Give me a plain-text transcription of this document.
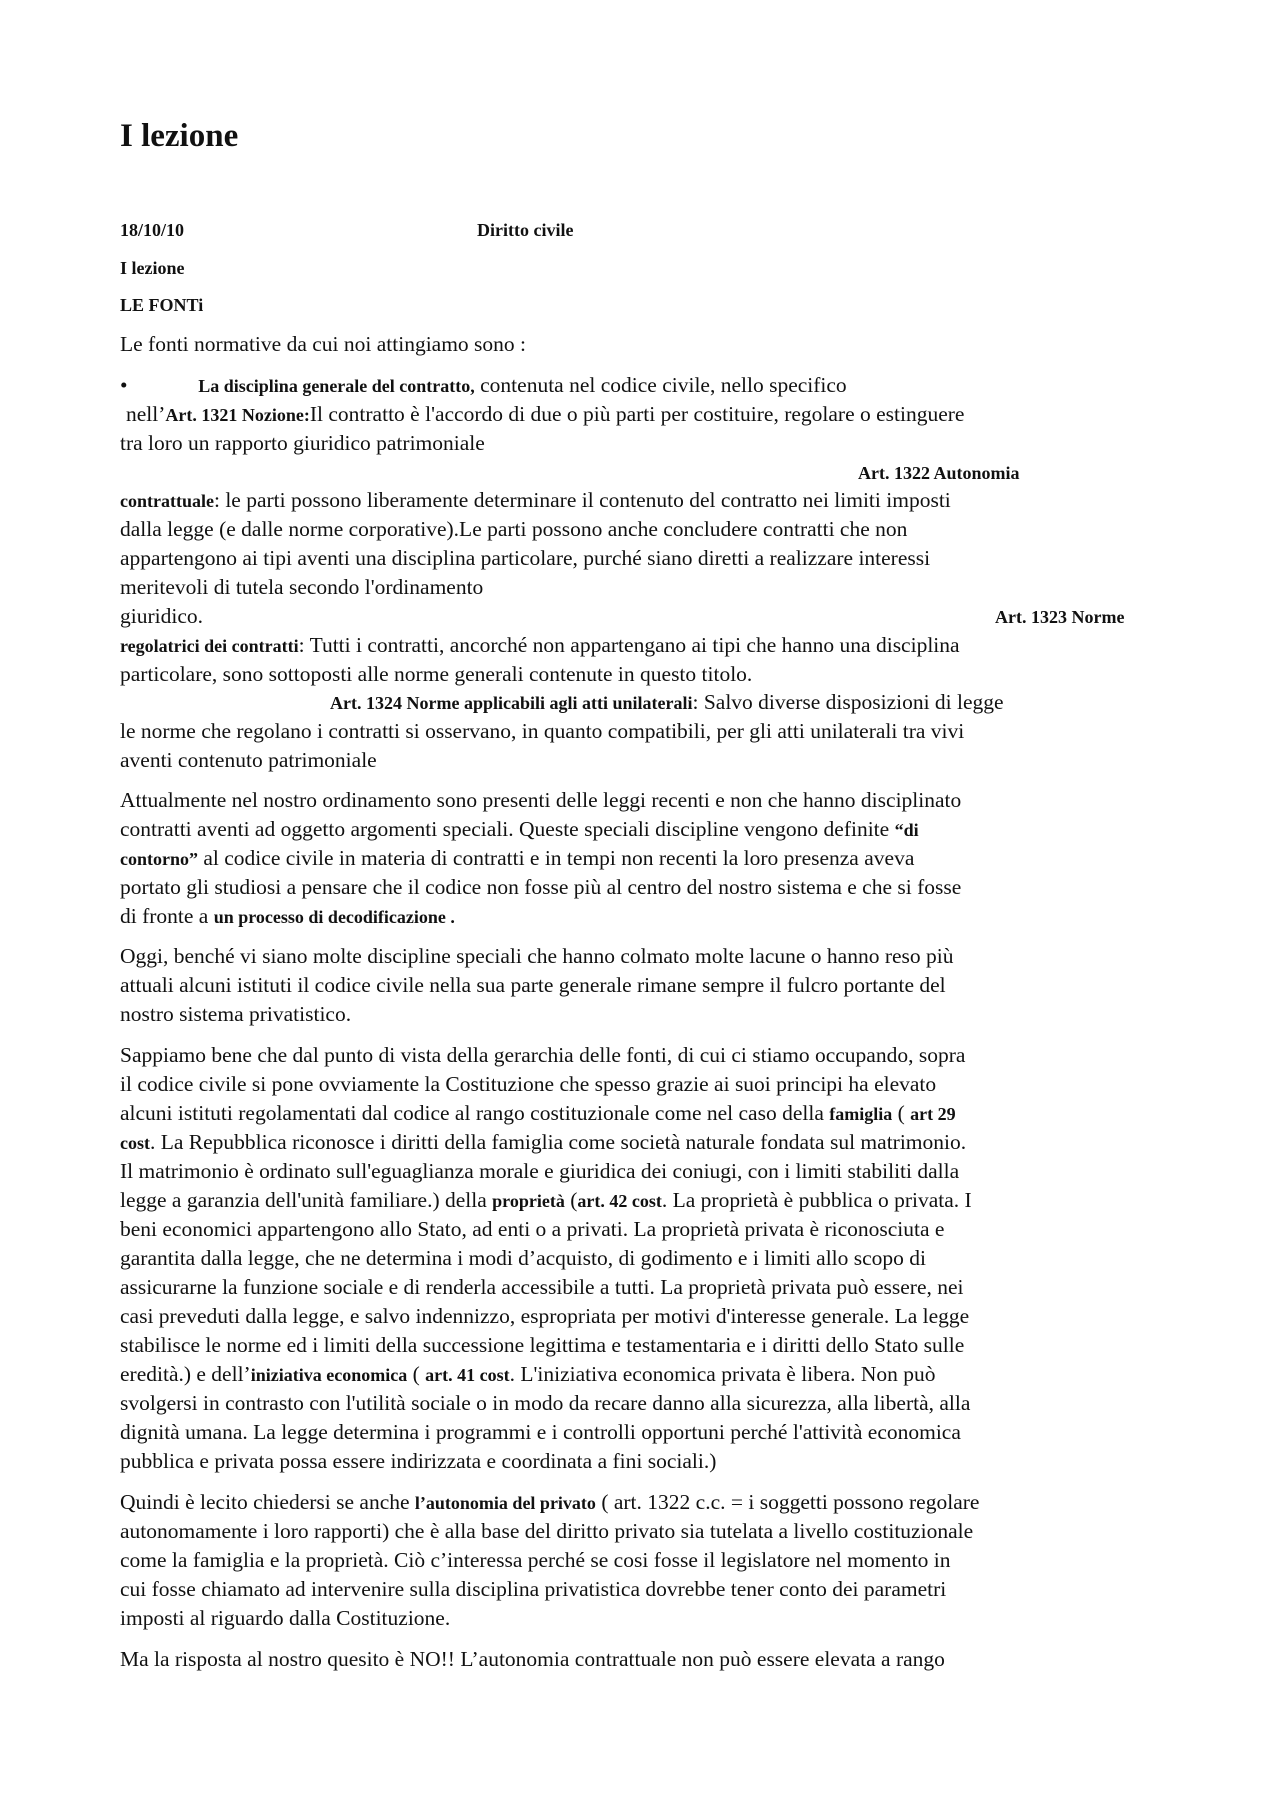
I lezione
18/10/10	Diritto civile
I lezione
LE FONTi
Le fonti normative da cui noi attingiamo sono :
•	La disciplina generale del contratto, contenuta nel codice civile, nello specifico
nell’Art. 1321 Nozione:Il contratto è l'accordo di due o più parti per costituire, regolare o estinguere
tra loro un rapporto giuridico patrimoniale
Art. 1322 Autonomia
contrattuale: le parti possono liberamente determinare il contenuto del contratto nei limiti imposti
dalla legge (e dalle norme corporative).Le parti possono anche concludere contratti che non
appartengono ai tipi aventi una disciplina particolare, purché siano diretti a realizzare interessi
meritevoli di tutela secondo l'ordinamento
giuridico.	Art. 1323 Norme
regolatrici dei contratti: Tutti i contratti, ancorché non appartengano ai tipi che hanno una disciplina
particolare, sono sottoposti alle norme generali contenute in questo titolo.
Art. 1324 Norme applicabili agli atti unilaterali: Salvo diverse disposizioni di legge
le norme che regolano i contratti si osservano, in quanto compatibili, per gli atti unilaterali tra vivi
aventi contenuto patrimoniale
Attualmente nel nostro ordinamento sono presenti delle leggi recenti e non che hanno disciplinato
contratti aventi ad oggetto argomenti speciali. Queste speciali discipline vengono definite “di
contorno” al codice civile in materia di contratti e in tempi non recenti la loro presenza aveva
portato gli studiosi a pensare che il codice non fosse più al centro del nostro sistema e che si fosse
di fronte a un processo di decodificazione .
Oggi, benché vi siano molte discipline speciali che hanno colmato molte lacune o hanno reso più
attuali alcuni istituti il codice civile nella sua parte generale rimane sempre il fulcro portante del
nostro sistema privatistico.
Sappiamo bene che dal punto di vista della gerarchia delle fonti, di cui ci stiamo occupando, sopra
il codice civile si pone ovviamente la Costituzione che spesso grazie ai suoi principi ha elevato
alcuni istituti regolamentati dal codice al rango costituzionale come nel caso della famiglia ( art 29
cost. La Repubblica riconosce i diritti della famiglia come società naturale fondata sul matrimonio.
Il matrimonio è ordinato sull'eguaglianza morale e giuridica dei coniugi, con i limiti stabiliti dalla
legge a garanzia dell'unità familiare.) della proprietà (art. 42 cost. La proprietà è pubblica o privata. I
beni economici appartengono allo Stato, ad enti o a privati. La proprietà privata è riconosciuta e
garantita dalla legge, che ne determina i modi d’acquisto, di godimento e i limiti allo scopo di
assicurarne la funzione sociale e di renderla accessibile a tutti. La proprietà privata può essere, nei
casi preveduti dalla legge, e salvo indennizzo, espropriata per motivi d'interesse generale. La legge
stabilisce le norme ed i limiti della successione legittima e testamentaria e i diritti dello Stato sulle
eredità.) e dell’iniziativa economica ( art. 41 cost. L'iniziativa economica privata è libera. Non può
svolgersi in contrasto con l'utilità sociale o in modo da recare danno alla sicurezza, alla libertà, alla
dignità umana. La legge determina i programmi e i controlli opportuni perché l'attività economica
pubblica e privata possa essere indirizzata e coordinata a fini sociali.)
Quindi è lecito chiedersi se anche l’autonomia del privato ( art. 1322 c.c. = i soggetti possono regolare
autonomamente i loro rapporti) che è alla base del diritto privato sia tutelata a livello costituzionale
come la famiglia e la proprietà. Ciò c’interessa perché se cosi fosse il legislatore nel momento in
cui fosse chiamato ad intervenire sulla disciplina privatistica dovrebbe tener conto dei parametri
imposti al riguardo dalla Costituzione.
Ma la risposta al nostro quesito è NO!! L’autonomia contrattuale non può essere elevata a rango
